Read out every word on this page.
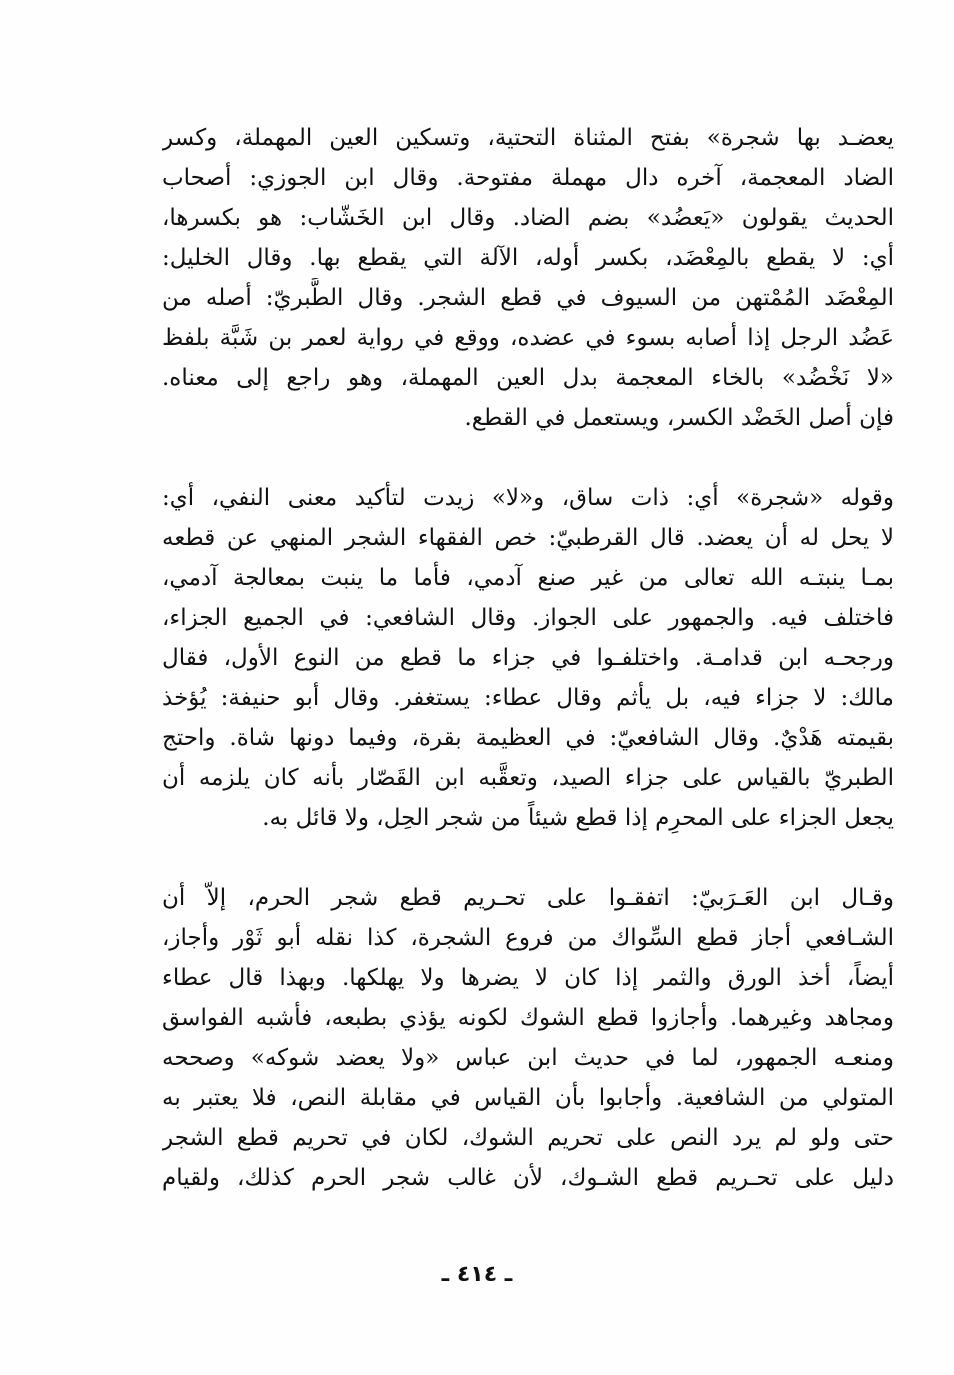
يعضـد بها شجرة» بفتح المثناة التحتية، وتسكين العين المهملة، وكسر
الضاد المعجمة، آخره دال مهملة مفتوحة. وقال ابن الجوزي: أصحاب
الحديث يقولون «يَعضُد» بضم الضاد. وقال ابن الخَشّاب: هو بكسرها،
أي: لا يقطع بالمِعْضَد، بكسر أوله، الآلة التي يقطع بها. وقال الخليل:
المِعْضَد المُمْتهن من السيوف في قطع الشجر. وقال الطَّبريّ: أصله من
عَضُد الرجل إذا أصابه بسوء في عضده، ووقع في رواية لعمر بن شَبَّة بلفظ
«لا نَخْضُد» بالخاء المعجمة بدل العين المهملة، وهو راجع إلى معناه.
فإن أصل الخَضْد الكسر، ويستعمل في القطع.
وقوله «شجرة» أي: ذات ساق، و«لا» زيدت لتأكيد معنى النفي، أي:
لا يحل له أن يعضد. قال القرطبيّ: خص الفقهاء الشجر المنهي عن قطعه
بمـا ينبتـه الله تعالى من غير صنع آدمي، فأما ما ينبت بمعالجة آدمي،
فاختلف فيه. والجمهور على الجواز. وقال الشافعي: في الجميع الجزاء،
ورجحـه ابن قدامـة. واختلفـوا في جزاء ما قطع من النوع الأول، فقال
مالك: لا جزاء فيه، بل يأثم وقال عطاء: يستغفر. وقال أبو حنيفة: يُؤخذ
بقيمته هَدْيٌ. وقال الشافعيّ: في العظيمة بقرة، وفيما دونها شاة. واحتج
الطبريّ بالقياس على جزاء الصيد، وتعقَّبه ابن القَصّار بأنه كان يلزمه أن
يجعل الجزاء على المحرِم إذا قطع شيئاً من شجر الحِل، ولا قائل به.
وقـال ابن العَـرَبيّ: اتفقـوا على تحـريم قطع شجر الحرم، إلاّ أن
الشـافعي أجاز قطع السِّواك من فروع الشجرة، كذا نقله أبو ثَوْر وأجاز،
أيضاً، أخذ الورق والثمر إذا كان لا يضرها ولا يهلكها. وبهذا قال عطاء
ومجاهد وغيرهما. وأجازوا قطع الشوك لكونه يؤذي بطبعه، فأشبه الفواسق
ومنعـه الجمهور، لما في حديث ابن عباس «ولا يعضد شوكه» وصححه
المتولي من الشافعية. وأجابوا بأن القياس في مقابلة النص، فلا يعتبر به
حتى ولو لم يرد النص على تحريم الشوك، لكان في تحريم قطع الشجر
دليل على تحـريم قطع الشـوك، لأن غالب شجر الحرم كذلك، ولقيام
ـ ٤١٤ ـ
